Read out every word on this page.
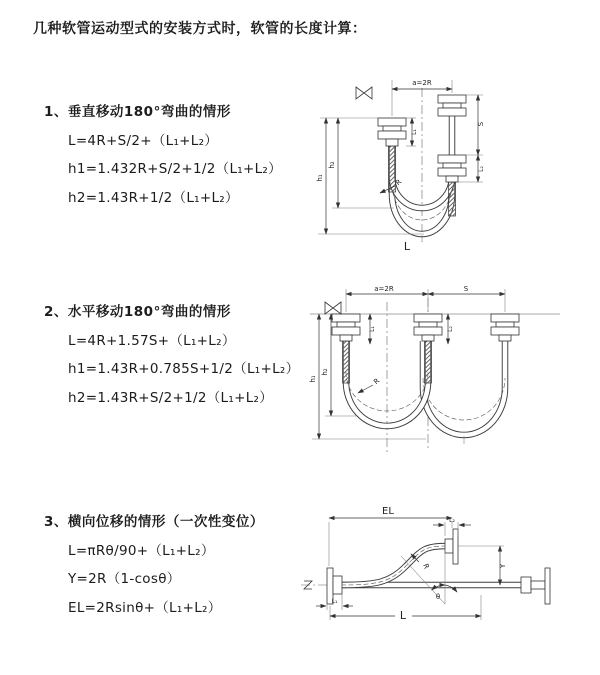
几种软管运动型式的安装方式时，软管的长度计算：
1、垂直移动180°弯曲的情形
L=4R+S/2+（L₁+L₂）
h1=1.432R+S/2+1/2（L₁+L₂）
h2=1.43R+1/2（L₁+L₂）
2、水平移动180°弯曲的情形
L=4R+1.57S+（L₁+L₂）
h1=1.43R+0.785S+1/2（L₁+L₂）
h2=1.43R+S/2+1/2（L₁+L₂）
3、横向位移的情形（一次性变位）
L=πRθ/90+（L₁+L₂）
Y=2R（1-cosθ）
EL=2Rsinθ+（L₁+L₂）
a=2R
L₁
S
L₂
h₁
h₂
R
L
a=2R	S
L₁	L₂
h₁
h₂
R
EL
L₂
Y
θ
R
L₁
L
